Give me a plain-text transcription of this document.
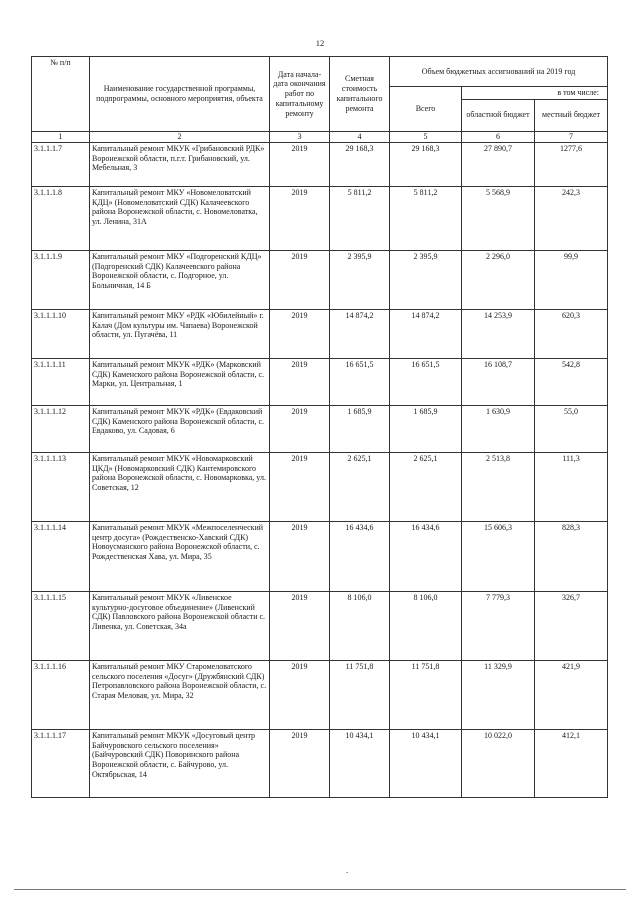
12
№ п/п	Наименование государственной программы, подпрограммы, основного мероприятия, объекта	Дата начала-дата окончания работ по капитальному ремонту	Сметная стоимость капитального ремонта	Объем бюджетных ассигнований на 2019 год		
				Всего	в том числе:	
					областной бюджет	местный бюджет
1	2	3	4	5	6	7
3.1.1.1.7	Капитальный ремонт МКУК «Грибановский РДК» Воронежской области, п.г.т. Грибановский, ул. Мебельная, 3	2019	29 168,3	29 168,3	27 890,7	1277,6
3.1.1.1.8	Капитальный ремонт МКУ «Новомеловатский КДЦ» (Новомеловатский СДК) Калачеевского района Воронежской области, с. Новомеловатка, ул. Ленина, 31А	2019	5 811,2	5 811,2	5 568,9	242,3
3.1.1.1.9	Капитальный ремонт МКУ «Подгоренский КДЦ» (Подгоренский СДК) Калачеевского района Воронежской области, с. Подгорное, ул. Больничная, 14 Б	2019	2 395,9	2 395,9	2 296,0	99,9
3.1.1.1.10	Капитальный ремонт МКУ «РДК «Юбилейный» г. Калач (Дом культуры им. Чапаева) Воронежской области, ул. Пугачёва, 11	2019	14 874,2	14 874,2	14 253,9	620,3
3.1.1.1.11	Капитальный ремонт МКУК «РДК» (Марковский СДК) Каменского района Воронежской области, с. Марки, ул. Центральная, 1	2019	16 651,5	16 651,5	16 108,7	542,8
3.1.1.1.12	Капитальный ремонт МКУК «РДК» (Евдаковский СДК) Каменского района Воронежской области, с. Евдаково, ул. Садовая, 6	2019	1 685,9	1 685,9	1 630,9	55,0
3.1.1.1.13	Капитальный ремонт МКУК «Новомарковский ЦКД» (Новомарковский СДК) Кантемировского района Воронежской области, с. Новомарковка, ул. Советская, 12	2019	2 625,1	2 625,1	2 513,8	111,3
3.1.1.1.14	Капитальный ремонт МКУК «Межпоселенческий центр досуга» (Рождественско-Хавский СДК) Новоусманского района Воронежской области, с. Рождественская Хава, ул. Мира, 35	2019	16 434,6	16 434,6	15 606,3	828,3
3.1.1.1.15	Капитальный ремонт МКУК «Ливенское культурно-досуговое объединение» (Ливенский СДК) Павловского района Воронежской области с. Ливенка, ул. Советская, 34а	2019	8 106,0	8 106,0	7 779,3	326,7
3.1.1.1.16	Капитальный ремонт МКУ Старомеловатского сельского поселения «Досуг» (Дружбянский СДК) Петропавловского района Воронежской области, с. Старая Меловая, ул. Мира, 32	2019	11 751,8	11 751,8	11 329,9	421,9
3.1.1.1.17	Капитальный ремонт МКУК «Досуговый центр Байчуровского сельского поселения» (Байчуровский СДК) Поворинского района Воронежской области, с. Байчурово, ул. Октябрьская, 14	2019	10 434,1	10 434,1	10 022,0	412,1
-
